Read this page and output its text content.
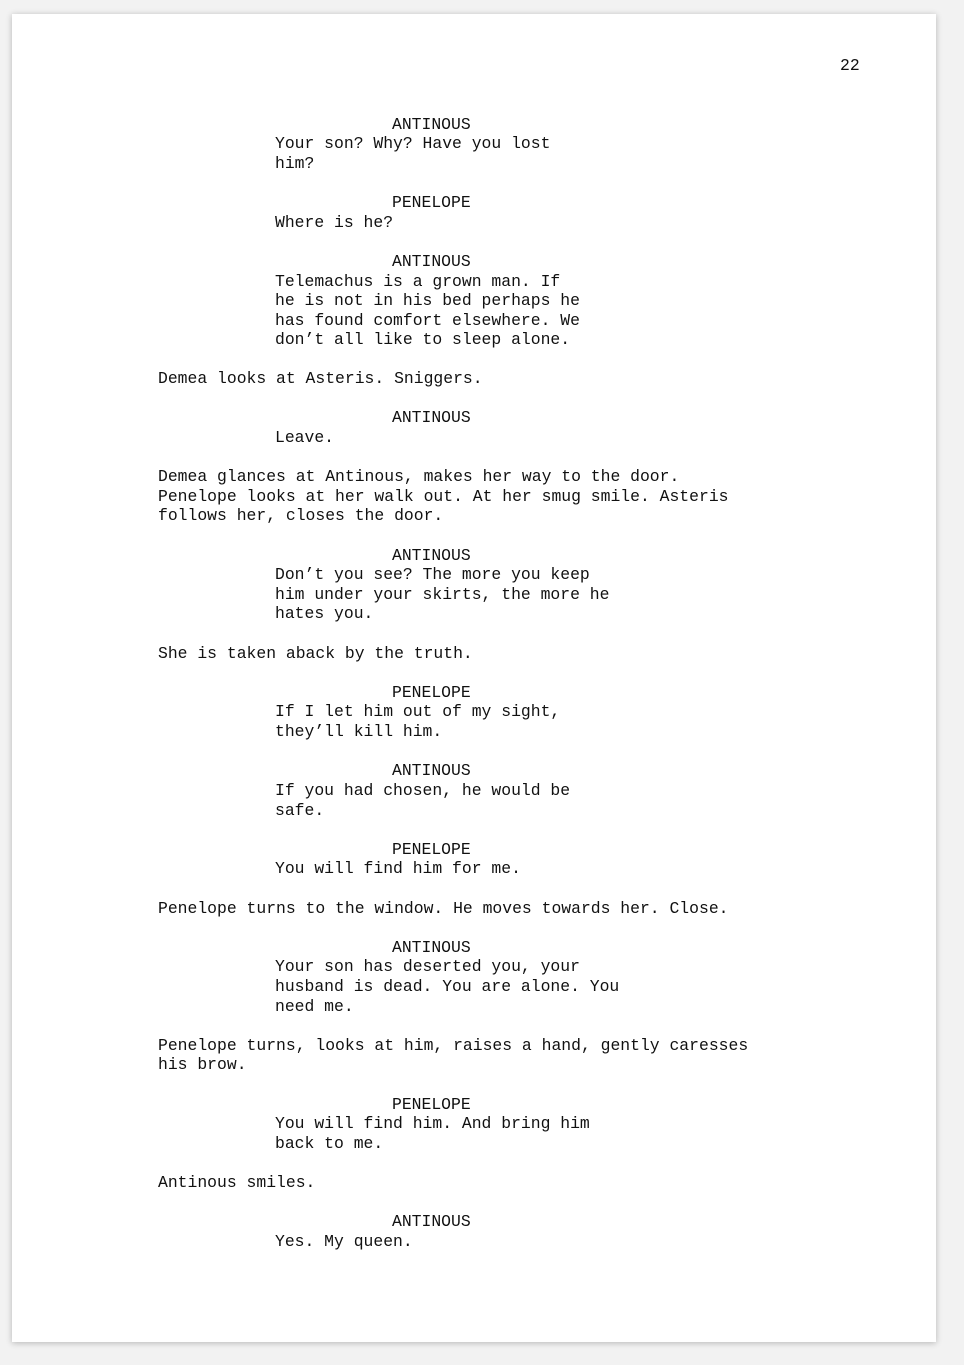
22
ANTINOUS
Your son? Why? Have you lost
him?
PENELOPE
Where is he?
ANTINOUS
Telemachus is a grown man. If
he is not in his bed perhaps he
has found comfort elsewhere. We
don’t all like to sleep alone.
Demea looks at Asteris. Sniggers.
ANTINOUS
Leave.
Demea glances at Antinous, makes her way to the door.
Penelope looks at her walk out. At her smug smile. Asteris
follows her, closes the door.
ANTINOUS
Don’t you see? The more you keep
him under your skirts, the more he
hates you.
She is taken aback by the truth.
PENELOPE
If I let him out of my sight,
they’ll kill him.
ANTINOUS
If you had chosen, he would be
safe.
PENELOPE
You will find him for me.
Penelope turns to the window. He moves towards her. Close.
ANTINOUS
Your son has deserted you, your
husband is dead. You are alone. You
need me.
Penelope turns, looks at him, raises a hand, gently caresses
his brow.
PENELOPE
You will find him. And bring him
back to me.
Antinous smiles.
ANTINOUS
Yes. My queen.
